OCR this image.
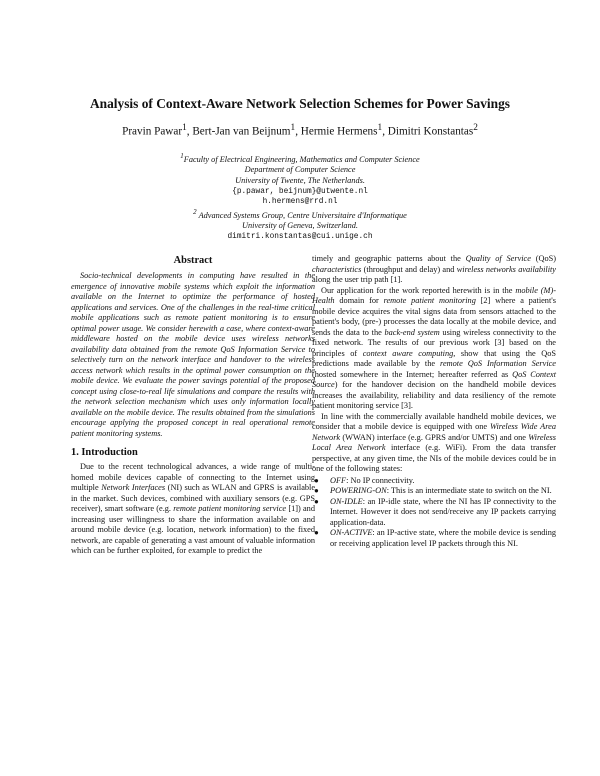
Analysis of Context-Aware Network Selection Schemes for Power Savings
Pravin Pawar$^1$, Bert-Jan van Beijnum$^1$, Hermie Hermens$^1$, Dimitri Konstantas$^2$
$^1$Faculty of Electrical Engineering, Mathematics and Computer Science
Department of Computer Science
University of Twente, The Netherlands.
{p.pawar, beijnum}@utwente.nl
h.hermens@rrd.nl
$^2$ Advanced Systems Group, Centre Universitaire d'Informatique
University of Geneva, Switzerland.
dimitri.konstantas@cui.unige.ch
Abstract

Socio-technical developments in computing have resulted in the emergence of innovative mobile systems which exploit the information available on the Internet to optimize the performance of hosted applications and services. One of the challenges in the real-time critical mobile applications such as remote patient monitoring is to ensure optimal power usage. We consider herewith a case, where context-aware middleware hosted on the mobile device uses wireless networks availability data obtained from the remote QoS Information Service to selectively turn on the network interface and handover to the wireless access network which results in the optimal power consumption on the mobile device. We evaluate the power savings potential of the proposed concept using close-to-real life simulations and compare the results with the network selection mechanism which uses only information locally available on the mobile device. The results obtained from the simulations encourage applying the proposed concept in real operational remote patient monitoring systems.

1. Introduction

Due to the recent technological advances, a wide range of multi-homed mobile devices capable of connecting to the Internet using multiple Network Interfaces (NI) such as WLAN and GPRS is available in the market. Such devices, combined with auxiliary sensors (e.g. GPS receiver), smart software (e.g. remote patient monitoring service [1]) and increasing user willingness to share the information available on and around mobile device (e.g. location, network information) to the fixed network, are capable of generating a vast amount of valuable information which can be further exploited, for example to predict the

timely and geographic patterns about the Quality of Service (QoS) characteristics (throughput and delay) and wireless networks availability along the user trip path [1].

Our application for the work reported herewith is in the mobile (M)-Health domain for remote patient monitoring [2] where a patient's mobile device acquires the vital signs data from sensors attached to the patient's body, (pre-) processes the data locally at the mobile device, and sends the data to the back-end system using wireless connectivity to the fixed network. The results of our previous work [3] based on the principles of context aware computing, show that using the QoS predictions made available by the remote QoS Information Service (hosted somewhere in the Internet; hereafter referred as QoS Context Source) for the handover decision on the handheld mobile devices increases the availability, reliability and data resiliency of the remote patient monitoring service [3].

In line with the commercially available handheld mobile devices, we consider that a mobile device is equipped with one Wireless Wide Area Network (WWAN) interface (e.g. GPRS and/or UMTS) and one Wireless Local Area Network interface (e.g. WiFi). From the data transfer perspective, at any given time, the NIs of the mobile devices could be in one of the following states:

● OFF: No IP connectivity.
● POWERING-ON: This is an intermediate state to switch on the NI.
● ON-IDLE: an IP-idle state, where the NI has IP connectivity to the Internet. However it does not send/receive any IP packets carrying application-data.
● ON-ACTIVE: an IP-active state, where the mobile device is sending or receiving application level IP packets through this NI.
